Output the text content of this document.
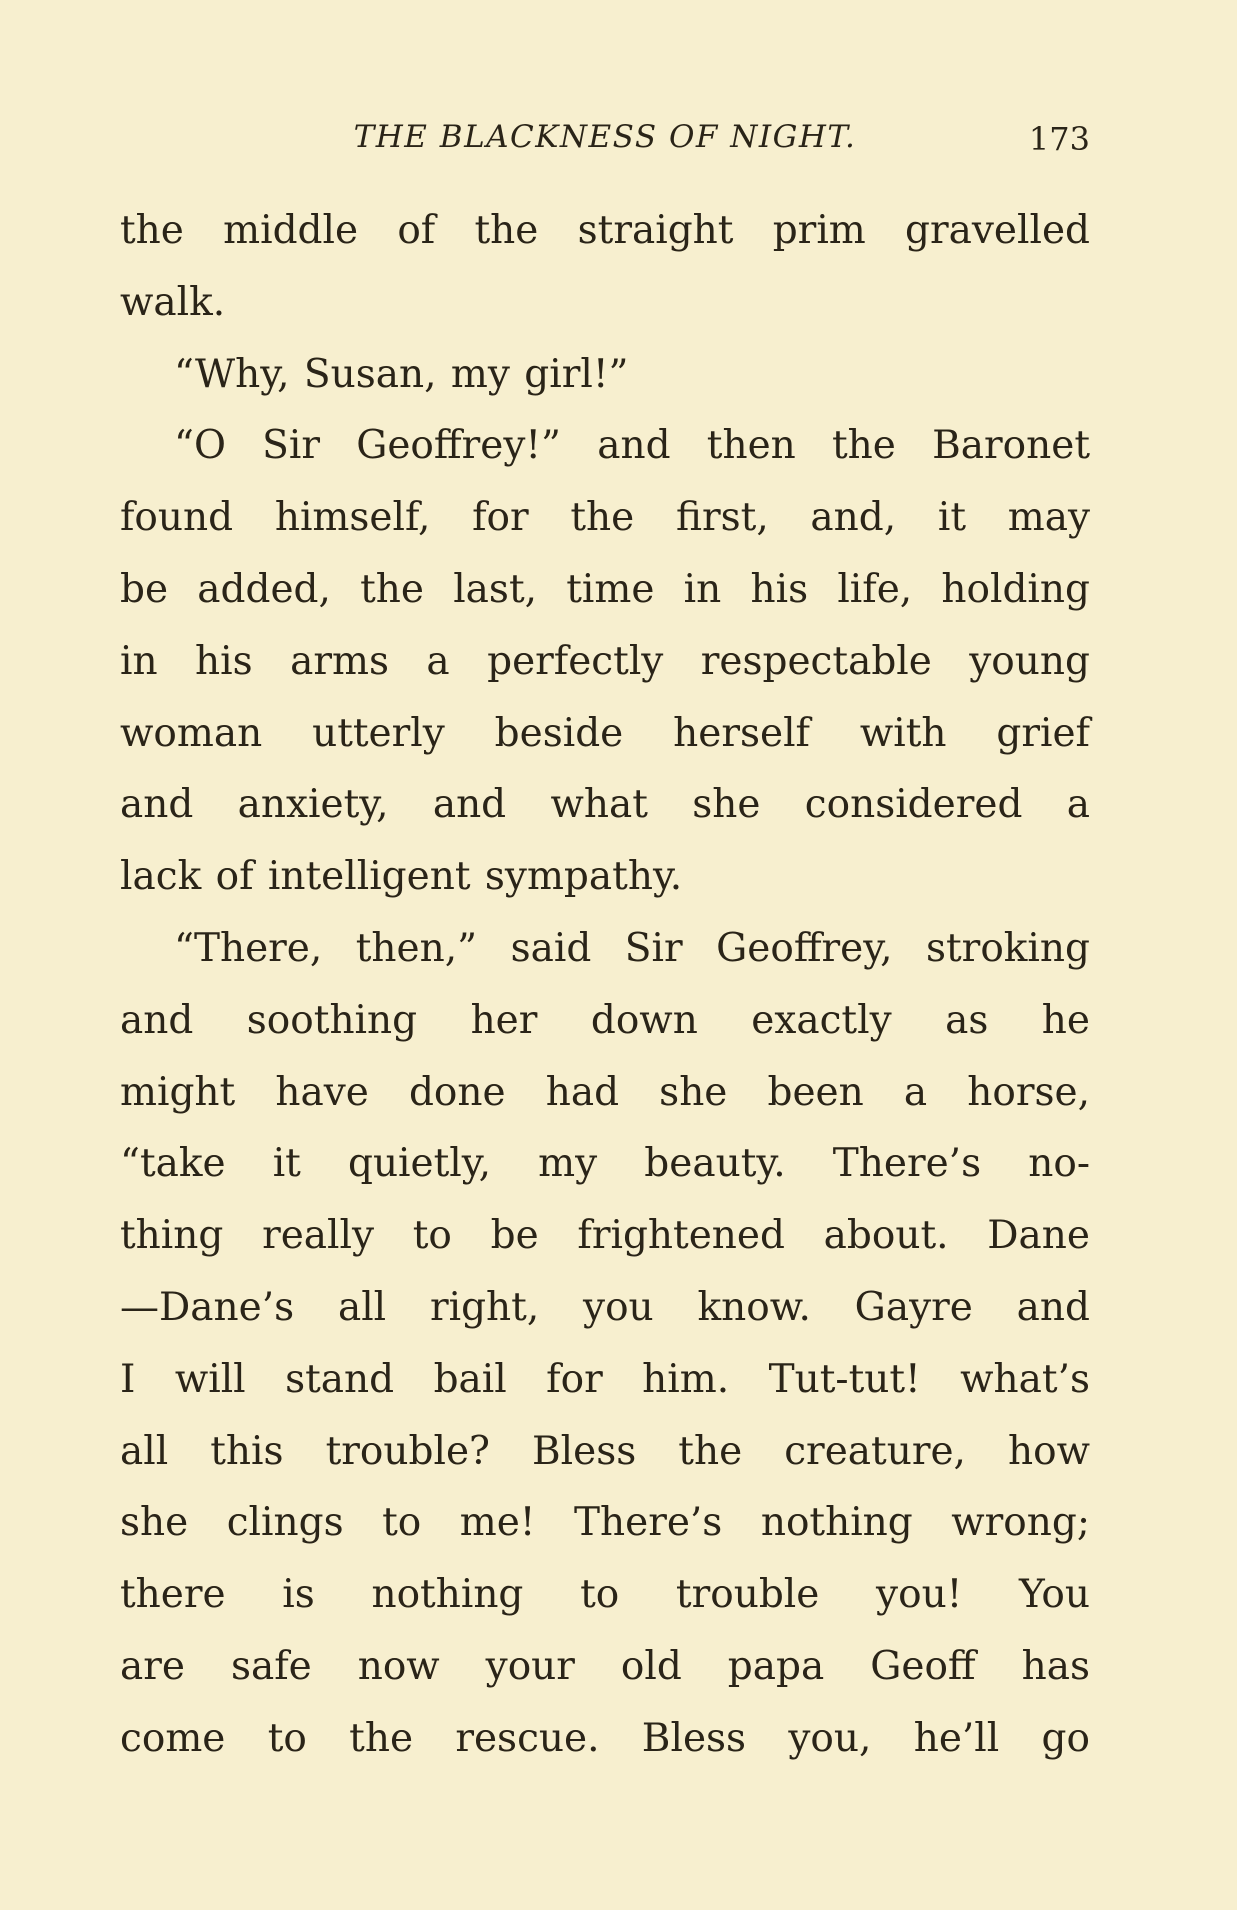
THE BLACKNESS OF NIGHT.	173
the middle of the straight prim gravelled
walk.
“Why, Susan, my girl!”
“O Sir Geoffrey!” and then the Baronet
found himself, for the first, and, it may
be added, the last, time in his life, holding
in his arms a perfectly respectable young
woman utterly beside herself with grief
and anxiety, and what she considered a
lack of intelligent sympathy.
“There, then,” said Sir Geoffrey, stroking
and soothing her down exactly as he
might have done had she been a horse,
“take it quietly, my beauty. There’s no-
thing really to be frightened about. Dane
—Dane’s all right, you know. Gayre and
I will stand bail for him. Tut-tut! what’s
all this trouble? Bless the creature, how
she clings to me! There’s nothing wrong;
there is nothing to trouble you! You
are safe now your old papa Geoff has
come to the rescue. Bless you, he’ll go
